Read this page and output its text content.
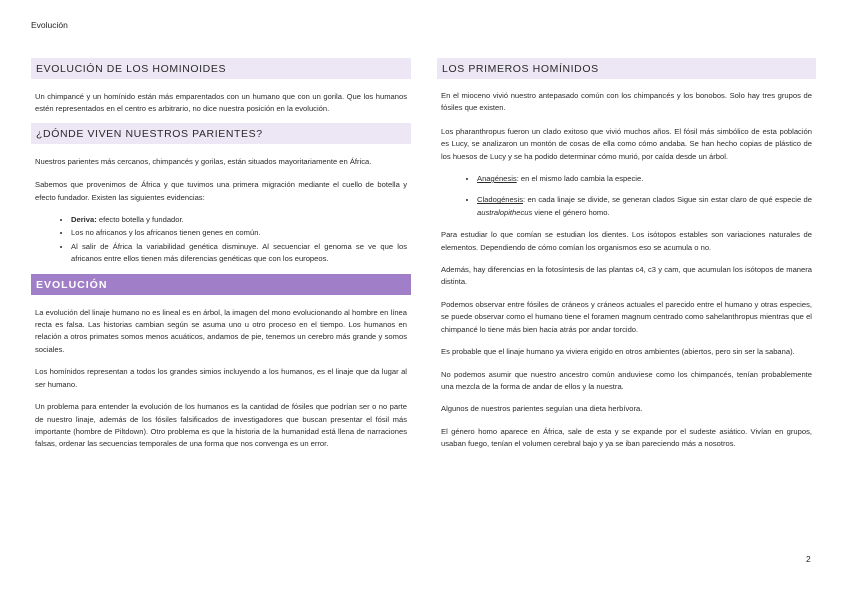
Evolución
EVOLUCIÓN DE LOS HOMINOIDES

Un chimpancé y un homínido están más emparentados con un humano que con un gorila. Que los humanos estén representados en el centro es arbitrario, no dice nuestra posición en la evolución.

¿DÓNDE VIVEN NUESTROS PARIENTES?

Nuestros parientes más cercanos, chimpancés y gorilas, están situados mayoritariamente en África.

Sabemos que provenimos de África y que tuvimos una primera migración mediante el cuello de botella y efecto fundador. Existen las siguientes evidencias:

• Deriva: efecto botella y fundador.
• Los no africanos y los africanos tienen genes en común.
• Al salir de África la variabilidad genética disminuye. Al secuenciar el genoma se ve que los africanos entre ellos tienen más diferencias genéticas que con los europeos.
EVOLUCIÓN

La evolución del linaje humano no es lineal es en árbol, la imagen del mono evolucionando al hombre en línea recta es falsa. Las historias cambian según se asuma uno u otro proceso en el tiempo. Los humanos en relación a otros primates somos menos acuáticos, andamos de pie, tenemos un cerebro más grande y somos sociales.

Los homínidos representan a todos los grandes simios incluyendo a los humanos, es el linaje que da lugar al ser humano.

Un problema para entender la evolución de los humanos es la cantidad de fósiles que podrían ser o no parte de nuestro linaje, además de los fósiles falsificados de investigadores que buscan presentar el fósil más importante (hombre de Piltdown). Otro problema es que la historia de la humanidad está llena de narraciones falsas, ordenar las secuencias temporales de una forma que nos convenga es un error.

LOS PRIMEROS HOMÍNIDOS

En el mioceno vivió nuestro antepasado común con los chimpancés y los bonobos. Solo hay tres grupos de fósiles que existen.

Los pharanthropus fueron un clado exitoso que vivió muchos años. El fósil más simbólico de esta población es Lucy, se analizaron un montón de cosas de ella como cómo andaba. Se han hecho copias de plástico de los huesos de Lucy y se ha podido determinar cómo murió, por caída desde un árbol.

• Anagénesis: en el mismo lado cambia la especie.
• Cladogénesis: en cada linaje se divide, se generan clados Sigue sin estar claro de qué especie de australopithecus viene el género homo.

Para estudiar lo que comían se estudian los dientes. Los isótopos estables son variaciones naturales de elementos. Dependiendo de cómo comían los organismos eso se acumula o no.

Además, hay diferencias en la fotosíntesis de las plantas c4, c3 y cam, que acumulan los isótopos de manera distinta.

Podemos observar entre fósiles de cráneos y cráneos actuales el parecido entre el humano y otras especies, se puede observar como el humano tiene el foramen magnum centrado como sahelanthropus mientras que el chimpancé lo tiene más bien hacia atrás por andar torcido.

Es probable que el linaje humano ya viviera erigido en otros ambientes (abiertos, pero sin ser la sabana).

No podemos asumir que nuestro ancestro común anduviese como los chimpancés, tenían probablemente una mezcla de la forma de andar de ellos y la nuestra.

Algunos de nuestros parientes seguían una dieta herbívora.

El género homo aparece en África, sale de esta y se expande por el sudeste asiático. Vivían en grupos, usaban fuego, tenían el volumen cerebral bajo y ya se iban pareciendo más a nosotros.

2
